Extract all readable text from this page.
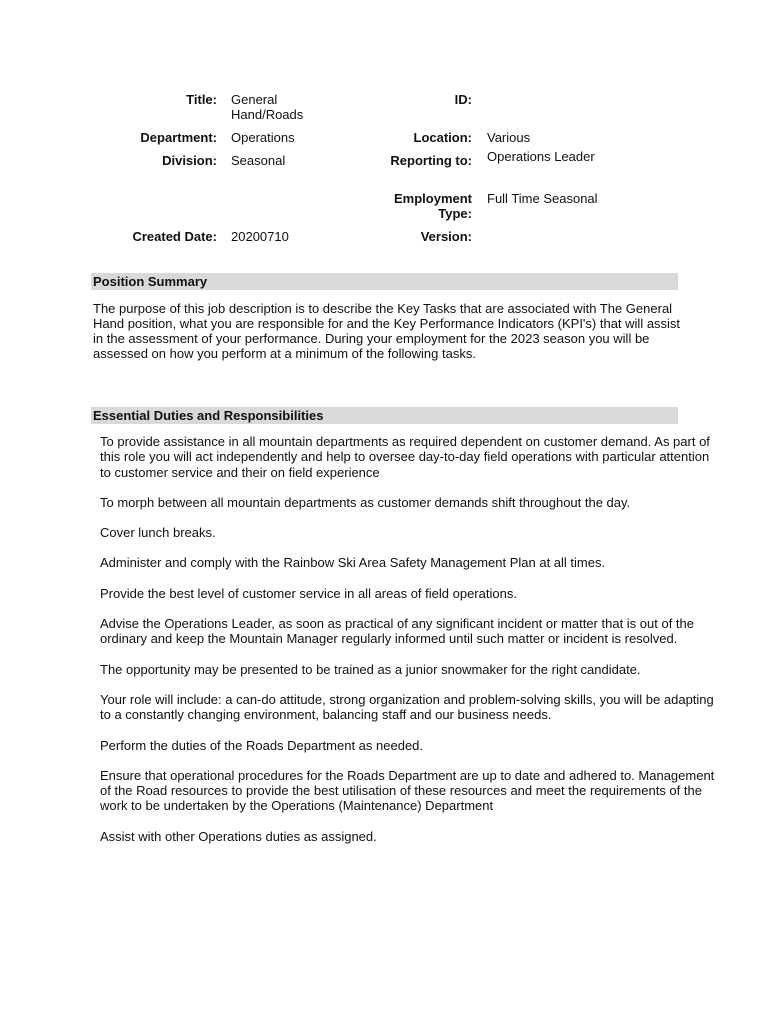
Title: General Hand/Roads
ID:
Department: Operations	Location: Various
Division: Seasonal	Reporting to: Operations Leader
Employment Type:
Full Time Seasonal
Created Date: 20200710	Version:
Position Summary

The purpose of this job description is to describe the Key Tasks that are associated with The General Hand position, what you are responsible for and the Key Performance Indicators (KPI's) that will assist in the assessment of your performance. During your employment for the 2023 season you will be assessed on how you perform at a minimum of the following tasks.

Essential Duties and Responsibilities

To provide assistance in all mountain departments as required dependent on customer demand. As part of this role you will act independently and help to oversee day-to-day field operations with particular attention to customer service and their on field experience

To morph between all mountain departments as customer demands shift throughout the day.

Cover lunch breaks.

Administer and comply with the Rainbow Ski Area Safety Management Plan at all times.

Provide the best level of customer service in all areas of field operations.

Advise the Operations Leader, as soon as practical of any significant incident or matter that is out of the ordinary and keep the Mountain Manager regularly informed until such matter or incident is resolved.

The opportunity may be presented to be trained as a junior snowmaker for the right candidate.

Your role will include: a can-do attitude, strong organization and problem-solving skills, you will be adapting to a constantly changing environment, balancing staff and our business needs.

Perform the duties of the Roads Department as needed.

Ensure that operational procedures for the Roads Department are up to date and adhered to. Management of the Road resources to provide the best utilisation of these resources and meet the requirements of the work to be undertaken by the Operations (Maintenance) Department

Assist with other Operations duties as assigned.
